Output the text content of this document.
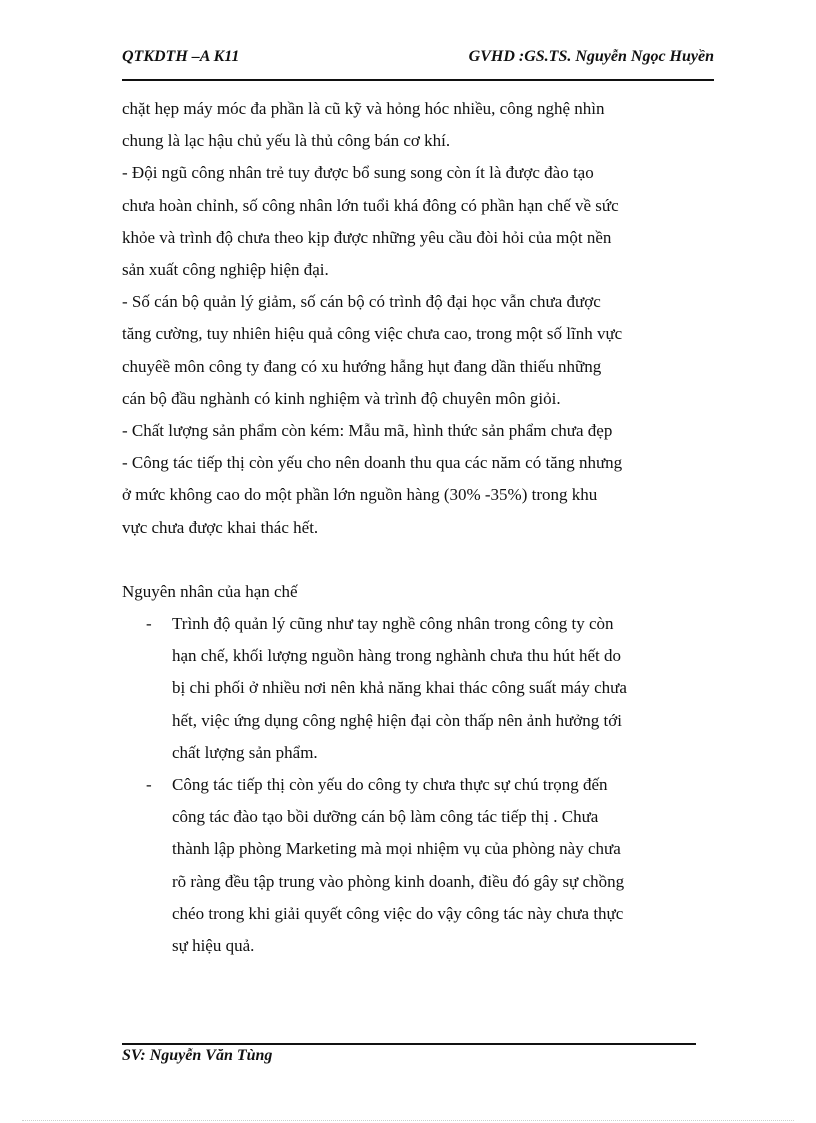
QTKDTH –A K11	GVHD :GS.TS. Nguyễn Ngọc Huyền
chặt hẹp máy móc đa phần là cũ kỹ và hỏng hóc nhiều, công nghệ nhìn
chung là lạc hậu chủ yếu là thủ công bán cơ khí.
- Đội ngũ công nhân trẻ tuy được bổ sung song còn ít là được đào tạo
chưa hoàn chỉnh, số công nhân lớn tuổi khá đông có phần hạn chế về sức
khỏe và trình độ chưa theo kịp được những yêu cầu đòi hỏi của một nền
sản xuất công nghiệp hiện đại.
- Số cán bộ quản lý giảm, số cán bộ có trình độ đại học vẫn chưa được
tăng cường, tuy nhiên hiệu quả công việc chưa cao, trong một số lĩnh vực
chuyêề môn công ty đang có xu hướng hẫng hụt đang dần thiếu những
cán bộ đầu nghành có kinh nghiệm và trình độ chuyên môn giỏi.
- Chất lượng sản phẩm còn kém: Mẫu mã, hình thức sản phẩm chưa đẹp
- Công tác tiếp thị còn yếu cho nên doanh thu qua các năm có tăng nhưng
ở mức không cao do một phần lớn nguồn hàng (30% -35%) trong khu
vực chưa được khai thác hết.
Nguyên nhân của hạn chế
- Trình độ quản lý cũng như tay nghề công nhân trong công ty còn
hạn chế, khối lượng nguồn hàng trong nghành chưa thu hút hết do
bị chi phối ở nhiều nơi nên khả năng khai thác công suất máy chưa
hết, việc ứng dụng công nghệ hiện đại còn thấp nên ảnh hưởng tới
chất lượng sản phẩm.
- Công tác tiếp thị còn yếu do công ty chưa thực sự chú trọng đến
công tác đào tạo bồi dưỡng cán bộ làm công tác tiếp thị . Chưa
thành lập phòng Marketing mà mọi nhiệm vụ của phòng này chưa
rõ ràng đều tập trung vào phòng kinh doanh, điều đó gây sự chồng
chéo trong khi giải quyết công việc do vậy công tác này chưa thực
sự hiệu quả.
SV: Nguyễn Văn Tùng
